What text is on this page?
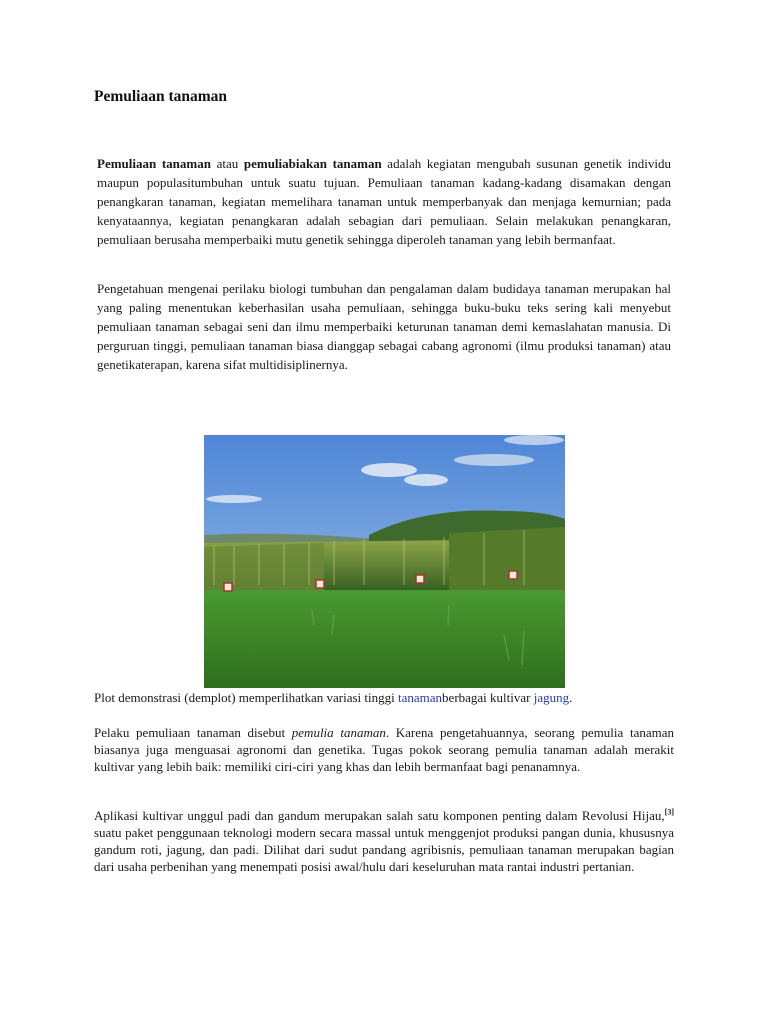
Pemuliaan tanaman

Pemuliaan tanaman atau pemuliabiakan tanaman adalah kegiatan mengubah susunan genetik individu maupun populasitumbuhan untuk suatu tujuan. Pemuliaan tanaman kadang-kadang disamakan dengan penangkaran tanaman, kegiatan memelihara tanaman untuk memperbanyak dan menjaga kemurnian; pada kenyataannya, kegiatan penangkaran adalah sebagian dari pemuliaan. Selain melakukan penangkaran, pemuliaan berusaha memperbaiki mutu genetik sehingga diperoleh tanaman yang lebih bermanfaat.

Pengetahuan mengenai perilaku biologi tumbuhan dan pengalaman dalam budidaya tanaman merupakan hal yang paling menentukan keberhasilan usaha pemuliaan, sehingga buku-buku teks sering kali menyebut pemuliaan tanaman sebagai seni dan ilmu memperbaiki keturunan tanaman demi kemaslahatan manusia. Di perguruan tinggi, pemuliaan tanaman biasa dianggap sebagai cabang agronomi (ilmu produksi tanaman) atau genetikaterapan, karena sifat multidisiplinernya.

Plot demonstrasi (demplot) memperlihatkan variasi tinggi tanamanberbagai kultivar jagung.

Pelaku pemuliaan tanaman disebut pemulia tanaman. Karena pengetahuannya, seorang pemulia tanaman biasanya juga menguasai agronomi dan genetika. Tugas pokok seorang pemulia tanaman adalah merakit kultivar yang lebih baik: memiliki ciri-ciri yang khas dan lebih bermanfaat bagi penanamnya.

Aplikasi kultivar unggul padi dan gandum merupakan salah satu komponen penting dalam Revolusi Hijau,[3] suatu paket penggunaan teknologi modern secara massal untuk menggenjot produksi pangan dunia, khususnya gandum roti, jagung, dan padi. Dilihat dari sudut pandang agribisnis, pemuliaan tanaman merupakan bagian dari usaha perbenihan yang menempati posisi awal/hulu dari keseluruhan mata rantai industri pertanian.
